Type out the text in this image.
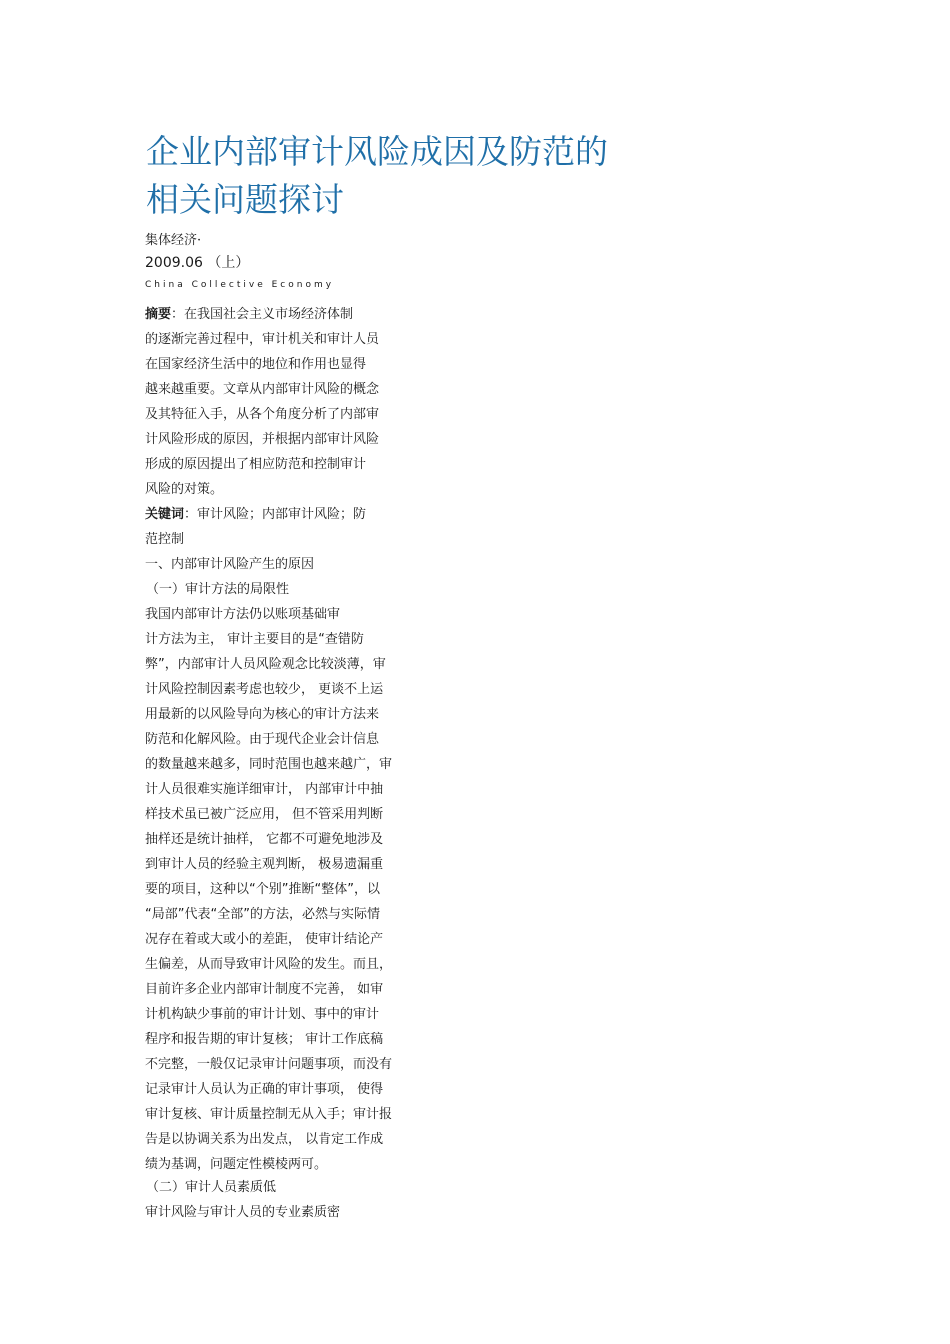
企业内部审计风险成因及防范的
相关问题探讨
集体经济·
2009.06 （上）
China Collective Economy
摘要：在我国社会主义市场经济体制
的逐渐完善过程中，审计机关和审计人员
在国家经济生活中的地位和作用也显得
越来越重要。文章从内部审计风险的概念
及其特征入手，从各个角度分析了内部审
计风险形成的原因，并根据内部审计风险
形成的原因提出了相应防范和控制审计
风险的对策。
关键词：审计风险；内部审计风险；防
范控制
一、内部审计风险产生的原因
（一）审计方法的局限性
我国内部审计方法仍以账项基础审
计方法为主， 审计主要目的是“查错防
弊”，内部审计人员风险观念比较淡薄，审
计风险控制因素考虑也较少， 更谈不上运
用最新的以风险导向为核心的审计方法来
防范和化解风险。由于现代企业会计信息
的数量越来越多，同时范围也越来越广，审
计人员很难实施详细审计， 内部审计中抽
样技术虽已被广泛应用， 但不管采用判断
抽样还是统计抽样， 它都不可避免地涉及
到审计人员的经验主观判断， 极易遗漏重
要的项目，这种以“个别”推断“整体”，以
“局部”代表“全部”的方法，必然与实际情
况存在着或大或小的差距， 使审计结论产
生偏差，从而导致审计风险的发生。而且，
目前许多企业内部审计制度不完善， 如审
计机构缺少事前的审计计划、事中的审计
程序和报告期的审计复核； 审计工作底稿
不完整，一般仅记录审计问题事项，而没有
记录审计人员认为正确的审计事项， 使得
审计复核、审计质量控制无从入手；审计报
告是以协调关系为出发点， 以肯定工作成
绩为基调，问题定性模棱两可。
（二）审计人员素质低
审计风险与审计人员的专业素质密
